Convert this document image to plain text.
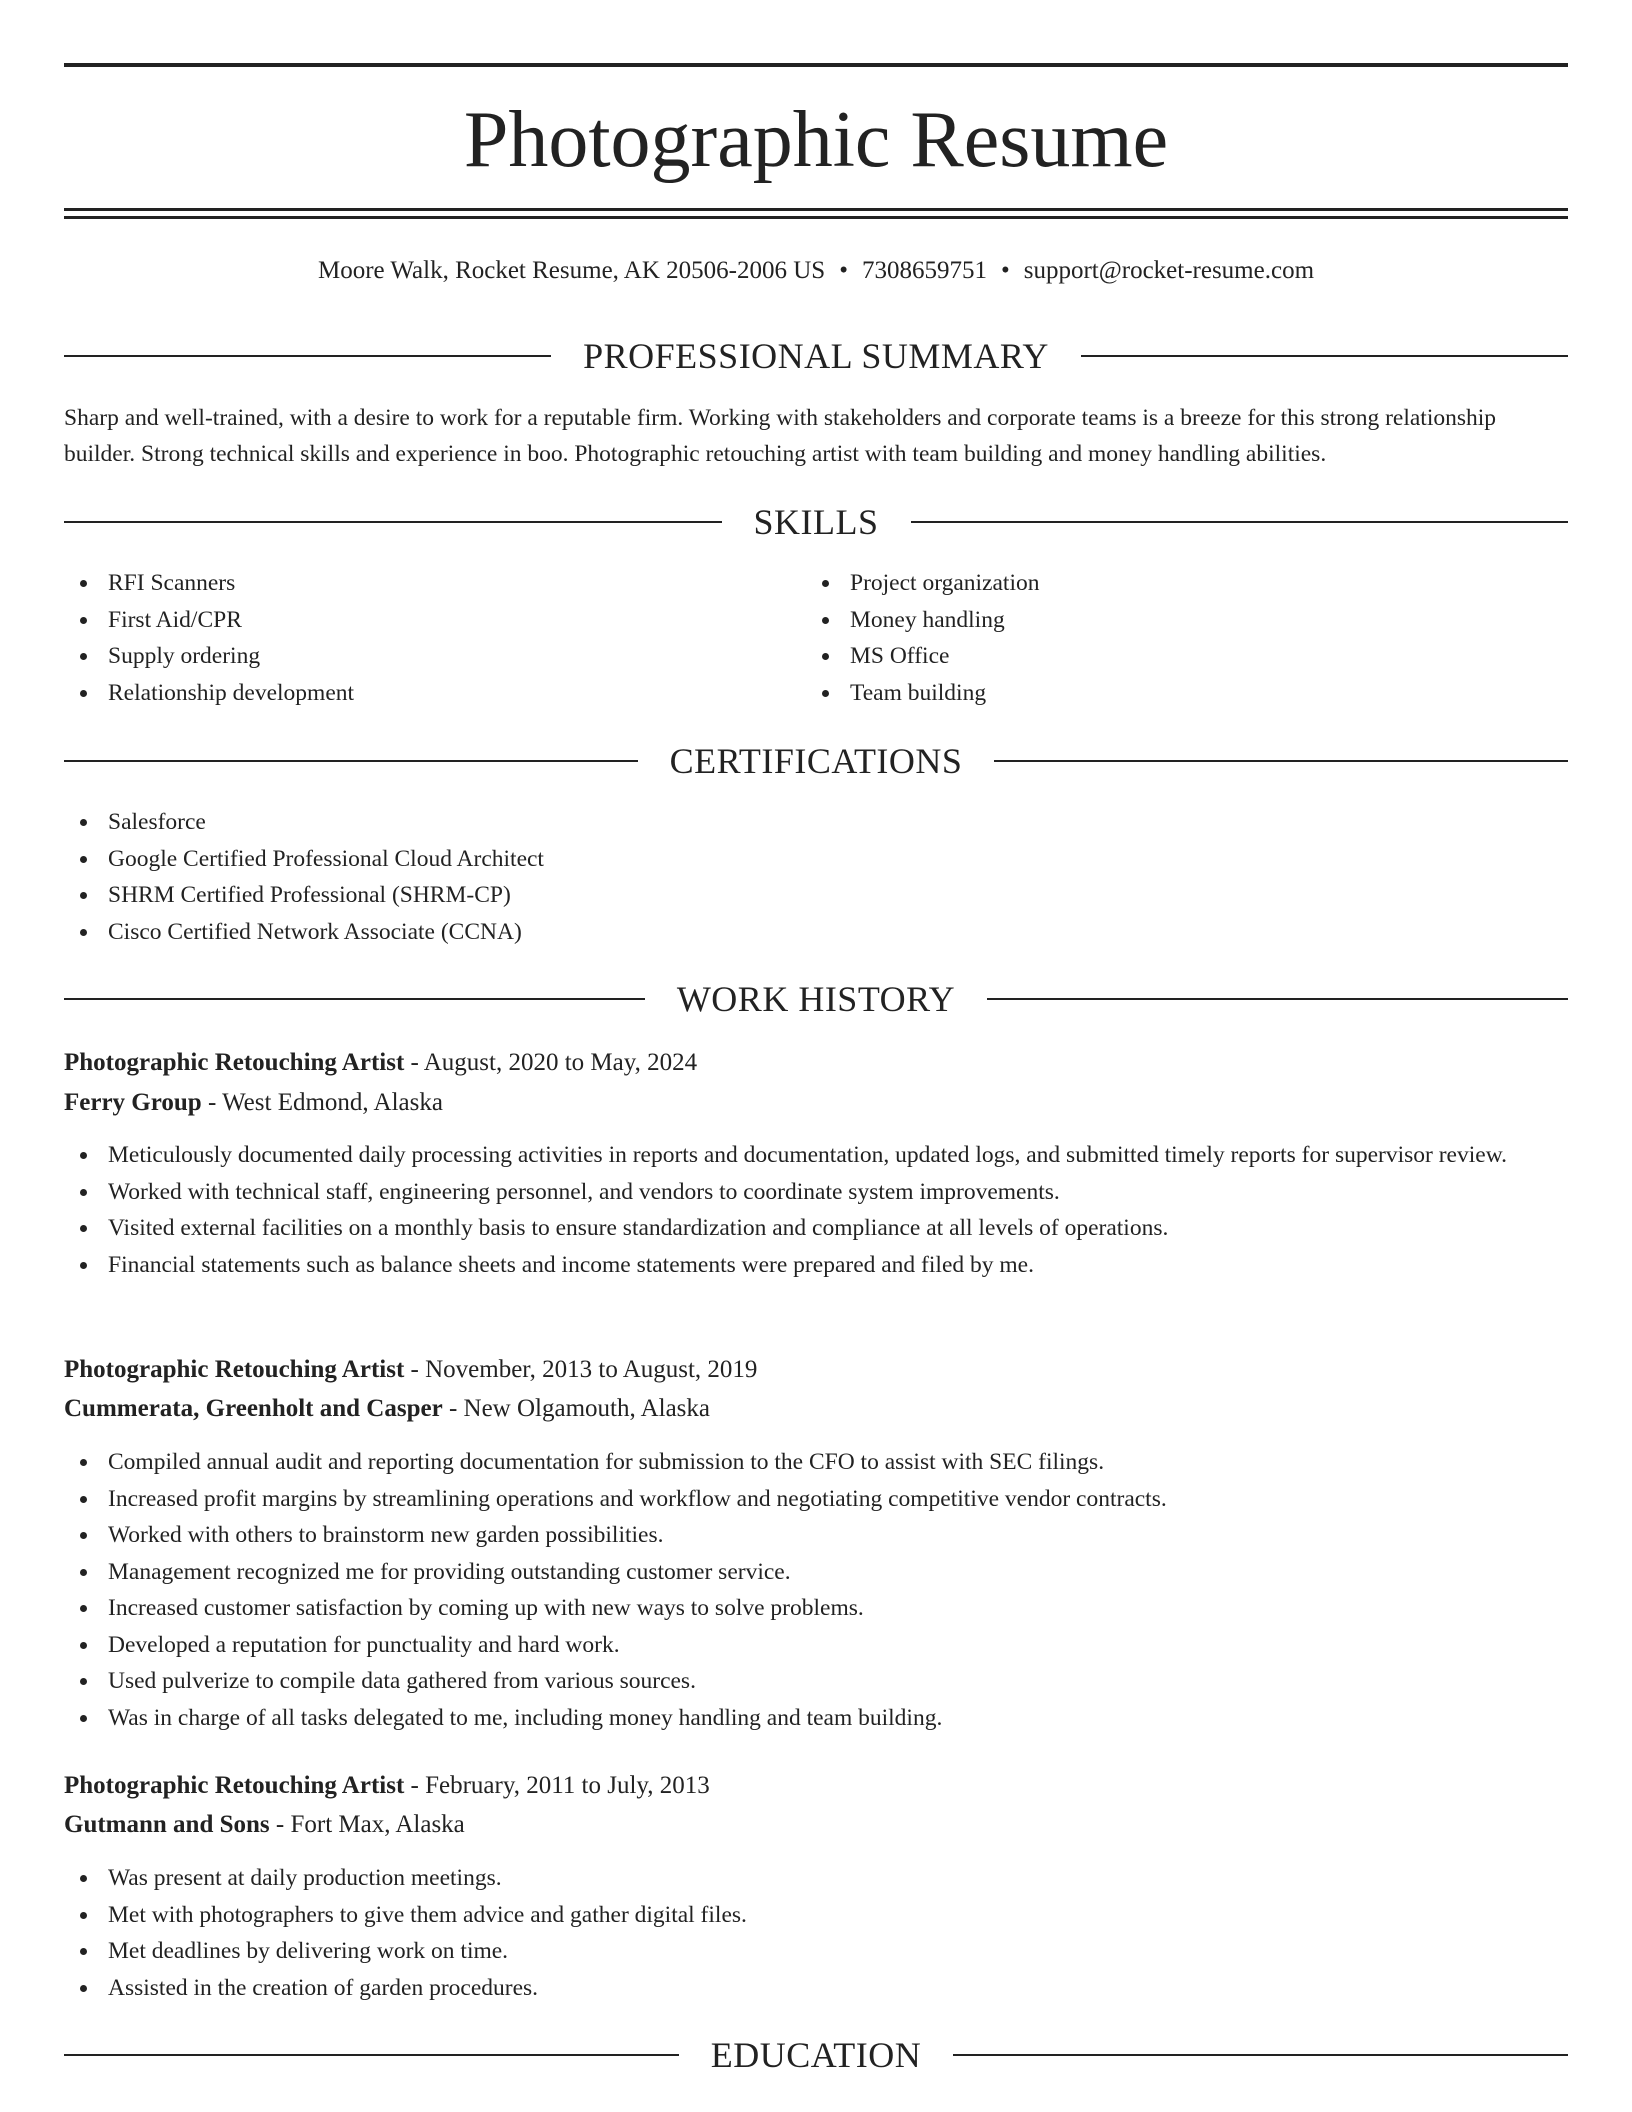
Photographic Resume
Moore Walk, Rocket Resume, AK 20506-2006 US • 7308659751 • support@rocket-resume.com
PROFESSIONAL SUMMARY

Sharp and well-trained, with a desire to work for a reputable firm. Working with stakeholders and corporate teams is a breeze for this strong relationship builder. Strong technical skills and experience in boo. Photographic retouching artist with team building and money handling abilities.

SKILLS
RFI Scanners
First Aid/CPR
Supply ordering
Relationship development
Project organization
Money handling
MS Office
Team building
CERTIFICATIONS
Salesforce
Google Certified Professional Cloud Architect
SHRM Certified Professional (SHRM-CP)
Cisco Certified Network Associate (CCNA)
WORK HISTORY
Photographic Retouching Artist - August, 2020 to May, 2024
Ferry Group - West Edmond, Alaska
Meticulously documented daily processing activities in reports and documentation, updated logs, and submitted timely reports for supervisor review.
Worked with technical staff, engineering personnel, and vendors to coordinate system improvements.
Visited external facilities on a monthly basis to ensure standardization and compliance at all levels of operations.
Financial statements such as balance sheets and income statements were prepared and filed by me.
Photographic Retouching Artist - November, 2013 to August, 2019
Cummerata, Greenholt and Casper - New Olgamouth, Alaska
Compiled annual audit and reporting documentation for submission to the CFO to assist with SEC filings.
Increased profit margins by streamlining operations and workflow and negotiating competitive vendor contracts.
Worked with others to brainstorm new garden possibilities.
Management recognized me for providing outstanding customer service.
Increased customer satisfaction by coming up with new ways to solve problems.
Developed a reputation for punctuality and hard work.
Used pulverize to compile data gathered from various sources.
Was in charge of all tasks delegated to me, including money handling and team building.
Photographic Retouching Artist - February, 2011 to July, 2013
Gutmann and Sons - Fort Max, Alaska
Was present at daily production meetings.
Met with photographers to give them advice and gather digital files.
Met deadlines by delivering work on time.
Assisted in the creation of garden procedures.
EDUCATION
